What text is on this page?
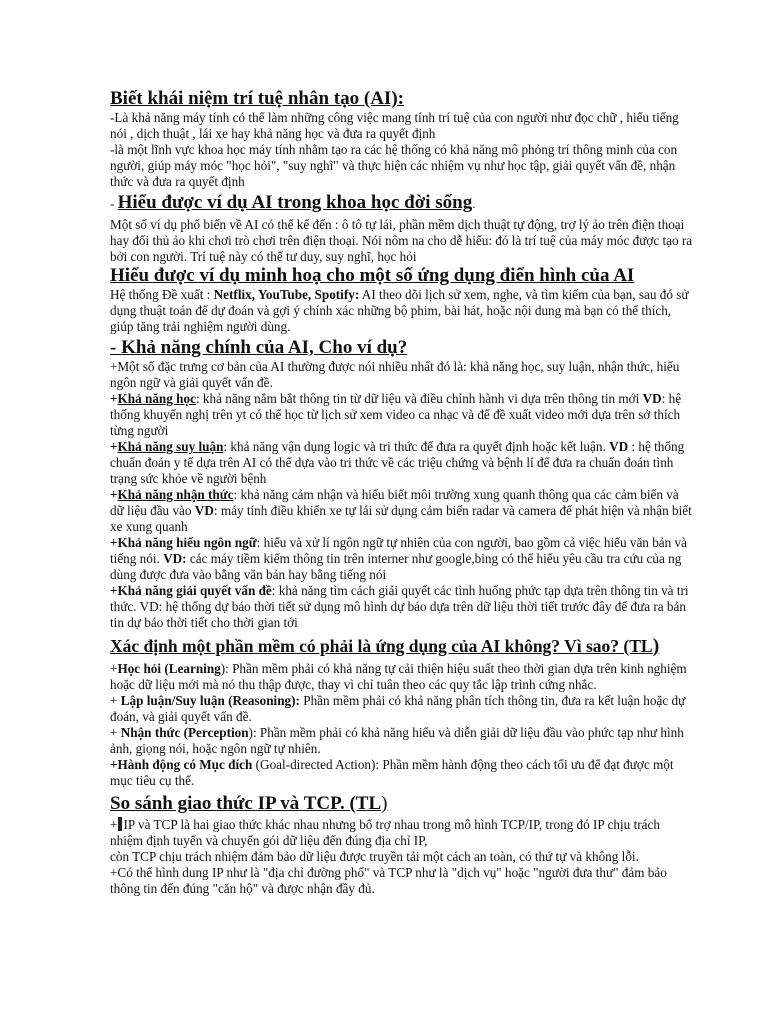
Biết khái niệm trí tuệ nhân tạo (AI):

-Là khả năng máy tính có thể làm những công việc mang tính trí tuệ của con người như đọc chữ , hiểu tiếng nói , dịch thuật , lái xe hay khả năng học và đưa ra quyết định

-là một lĩnh vực khoa học máy tính nhằm tạo ra các hệ thống có khả năng mô phỏng trí thông minh của con người, giúp máy móc "học hỏi", "suy nghĩ" và thực hiện các nhiệm vụ như học tập, giải quyết vấn đề, nhận thức và đưa ra quyết định

- Hiểu được ví dụ AI trong khoa học đời sống.

Một số ví dụ phổ biến về AI có thể kể đến : ô tô tự lái, phần mềm dịch thuật tự động, trợ lý ảo trên điện thoại hay đối thủ ảo khi chơi trò chơi trên điện thoại. Nói nôm na cho dễ hiểu: đó là trí tuệ của máy móc được tạo ra bởi con người. Trí tuệ này có thể tư duy, suy nghĩ, học hỏi

Hiểu được ví dụ minh hoạ cho một số ứng dụng điển hình của AI

Hệ thống Đề xuất : Netflix, YouTube, Spotify: AI theo dõi lịch sử xem, nghe, và tìm kiếm của bạn, sau đó sử dụng thuật toán để dự đoán và gợi ý chính xác những bộ phim, bài hát, hoặc nội dung mà bạn có thể thích, giúp tăng trải nghiệm người dùng.

- Khả năng chính của AI, Cho ví dụ?

+Một số đặc trưng cơ bản của AI thường được nói nhiều nhất đó là: khả năng học, suy luận, nhận thức, hiểu ngôn ngữ và giải quyết vấn đề.

+Khả năng học: khả năng nắm bắt thông tin từ dữ liệu và điều chỉnh hành vi dựa trên thông tin mới VD: hệ thống khuyến nghị trên yt có thể học từ lịch sử xem video ca nhạc và để đề xuất video mới dựa trên sở thích từng người

+Khả năng suy luận: khả năng vận dụng logic và tri thức để đưa ra quyết định hoặc kết luận. VD : hệ thống chuẩn đoán y tế dựa trên AI có thể dựa vào tri thức về các triệu chứng và bệnh lí để đưa ra chuẩn đoán tình trạng sức khỏe về người bệnh

+Khả năng nhận thức: khả năng cảm nhận và hiểu biết môi trường xung quanh thông qua các cảm biến và dữ liệu đầu vào VD: máy tính điều khiển xe tự lái sử dụng cảm biến radar và camera để phát hiện và nhận biết xe xung quanh

+Khả năng hiểu ngôn ngữ: hiểu và xử lí ngôn ngữ tự nhiên của con người, bao gồm cả việc hiểu văn bản và tiếng nói. VD: các máy tiềm kiếm thông tin trên interner như google,bing có thể hiểu yêu cầu tra cứu của ng dùng được đưa vào bằng văn bản hay bằng tiếng nói

+Khả năng giải quyết vấn đề: khả năng tìm cách giải quyết các tình huống phức tạp dựa trên thông tin và tri thức. VD: hệ thống dự báo thời tiết sử dụng mô hình dự báo dựa trên dữ liệu thời tiết trước đây để đưa ra bản tin dự báo thời tiết cho thời gian tới

Xác định một phần mềm có phải là ứng dụng của AI không? Vì sao? (TL)

+Học hỏi (Learning): Phần mềm phải có khả năng tự cải thiện hiệu suất theo thời gian dựa trên kinh nghiệm hoặc dữ liệu mới mà nó thu thập được, thay vì chỉ tuân theo các quy tắc lập trình cứng nhắc.

+ Lập luận/Suy luận (Reasoning): Phần mềm phải có khả năng phân tích thông tin, đưa ra kết luận hoặc dự đoán, và giải quyết vấn đề.

+ Nhận thức (Perception): Phần mềm phải có khả năng hiểu và diễn giải dữ liệu đầu vào phức tạp như hình ảnh, giọng nói, hoặc ngôn ngữ tự nhiên.

+Hành động có Mục đích (Goal-directed Action): Phần mềm hành động theo cách tối ưu để đạt được một mục tiêu cụ thể.

So sánh giao thức IP và TCP. (TL)

+ IP và TCP là hai giao thức khác nhau nhưng bổ trợ nhau trong mô hình TCP/IP, trong đó IP chịu trách nhiệm định tuyến và chuyển gói dữ liệu đến đúng địa chỉ IP,

còn TCP chịu trách nhiệm đảm bảo dữ liệu được truyền tải một cách an toàn, có thứ tự và không lỗi.

+Có thể hình dung IP như là "địa chỉ đường phố" và TCP như là "dịch vụ" hoặc "người đưa thư" đảm bảo thông tin đến đúng "căn hộ" và được nhận đầy đủ.
